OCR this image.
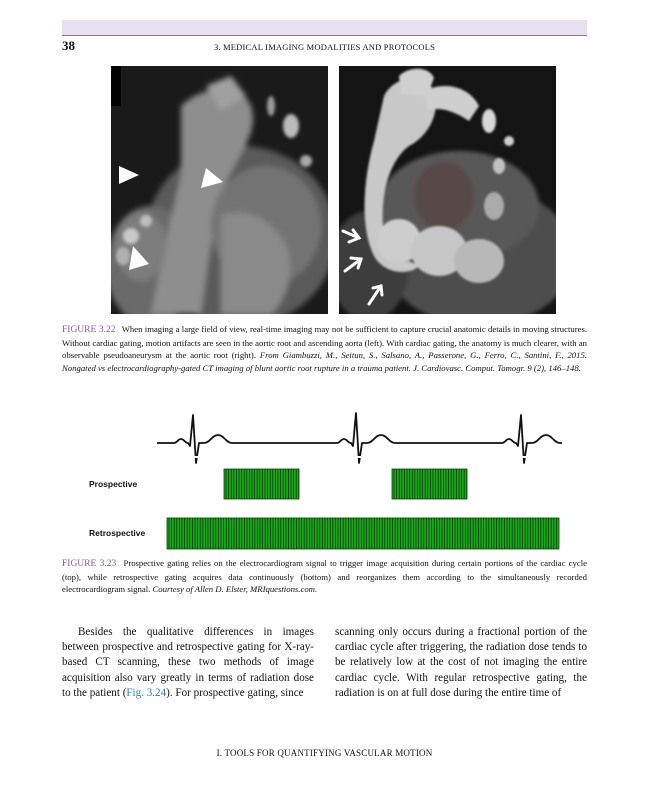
38	3. MEDICAL IMAGING MODALITIES AND PROTOCOLS
FIGURE 3.22 When imaging a large field of view, real-time imaging may not be sufficient to capture crucial anatomic details in moving structures. Without cardiac gating, motion artifacts are seen in the aortic root and ascending aorta (left). With cardiac gating, the anatomy is much clearer, with an observable pseudoaneurysm at the aortic root (right). From Giambuzzi, M., Seitun, S., Salsano, A., Passerone, G., Ferro, C., Santini, F., 2015. Nongated vs electrocardiography-gated CT imaging of blunt aortic root rupture in a trauma patient. J. Cardiovasc. Comput. Tomogr. 9 (2), 146–148.
Prospective
Retrospective
FIGURE 3.23 Prospective gating relies on the electrocardiogram signal to trigger image acquisition during certain portions of the cardiac cycle (top), while retrospective gating acquires data continuously (bottom) and reorganizes them according to the simultaneously recorded electrocardiogram signal. Courtesy of Allen D. Elster, MRIquestions.com.
Besides the qualitative differences in images between prospective and retrospective gating for X-ray-based CT scanning, these two methods of image acquisition also vary greatly in terms of radiation dose to the patient (Fig. 3.24). For prospective gating, since
scanning only occurs during a fractional portion of the cardiac cycle after triggering, the radiation dose tends to be relatively low at the cost of not imaging the entire cardiac cycle. With regular retrospective gating, the radiation is on at full dose during the entire time of
I. TOOLS FOR QUANTIFYING VASCULAR MOTION
